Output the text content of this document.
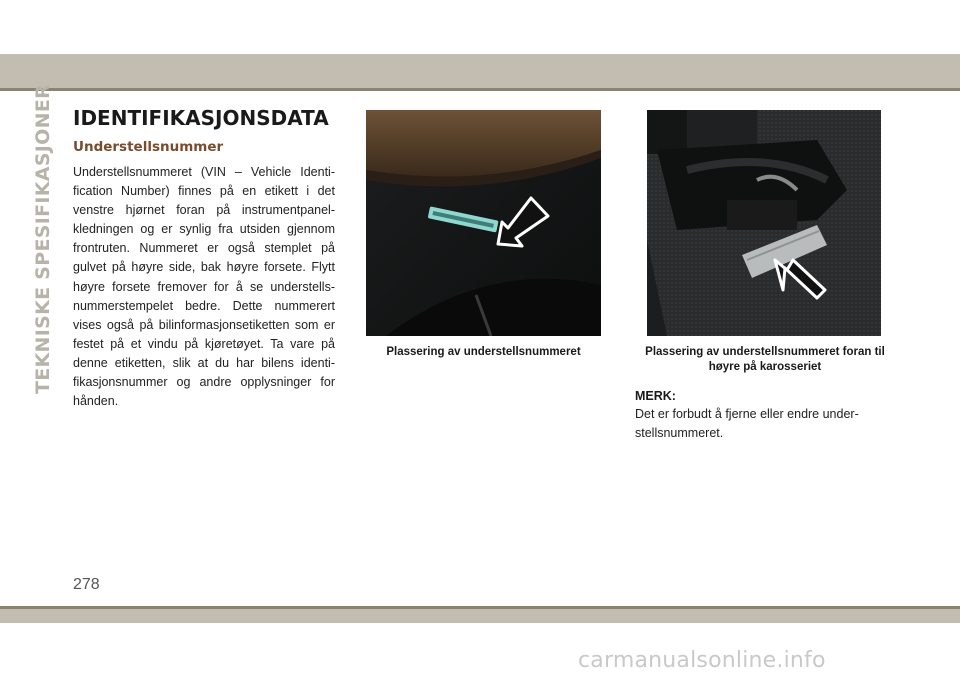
TEKNISKE SPESIFIKASJONER IDENTIFIKASJONSDATA
Understellsnummer
Understellsnummeret (VIN – Vehicle Identification Number) finnes på en etikett i det venstre hjørnet foran på instrumentpanelkledningen og er synlig fra utsiden gjennom frontruten. Nummeret er også stemplet på gulvet på høyre side, bak høyre forsete. Flytt høyre forsete fremover for å se understellsnummerstempelet bedre. Dette nummerert vises også på bilinformasjonsetiketten som er festet på et vindu på kjøretøyet. Ta vare på denne etiketten, slik at du har bilens identifikasjonsnummer og andre opplysninger for hånden.
Plassering av understellsnummeret	Plassering av understellsnummeret foran til høyre på karosseriet
MERK:
Det er forbudt å fjerne eller endre understellsnummeret.
278
carmanualsonline.info
